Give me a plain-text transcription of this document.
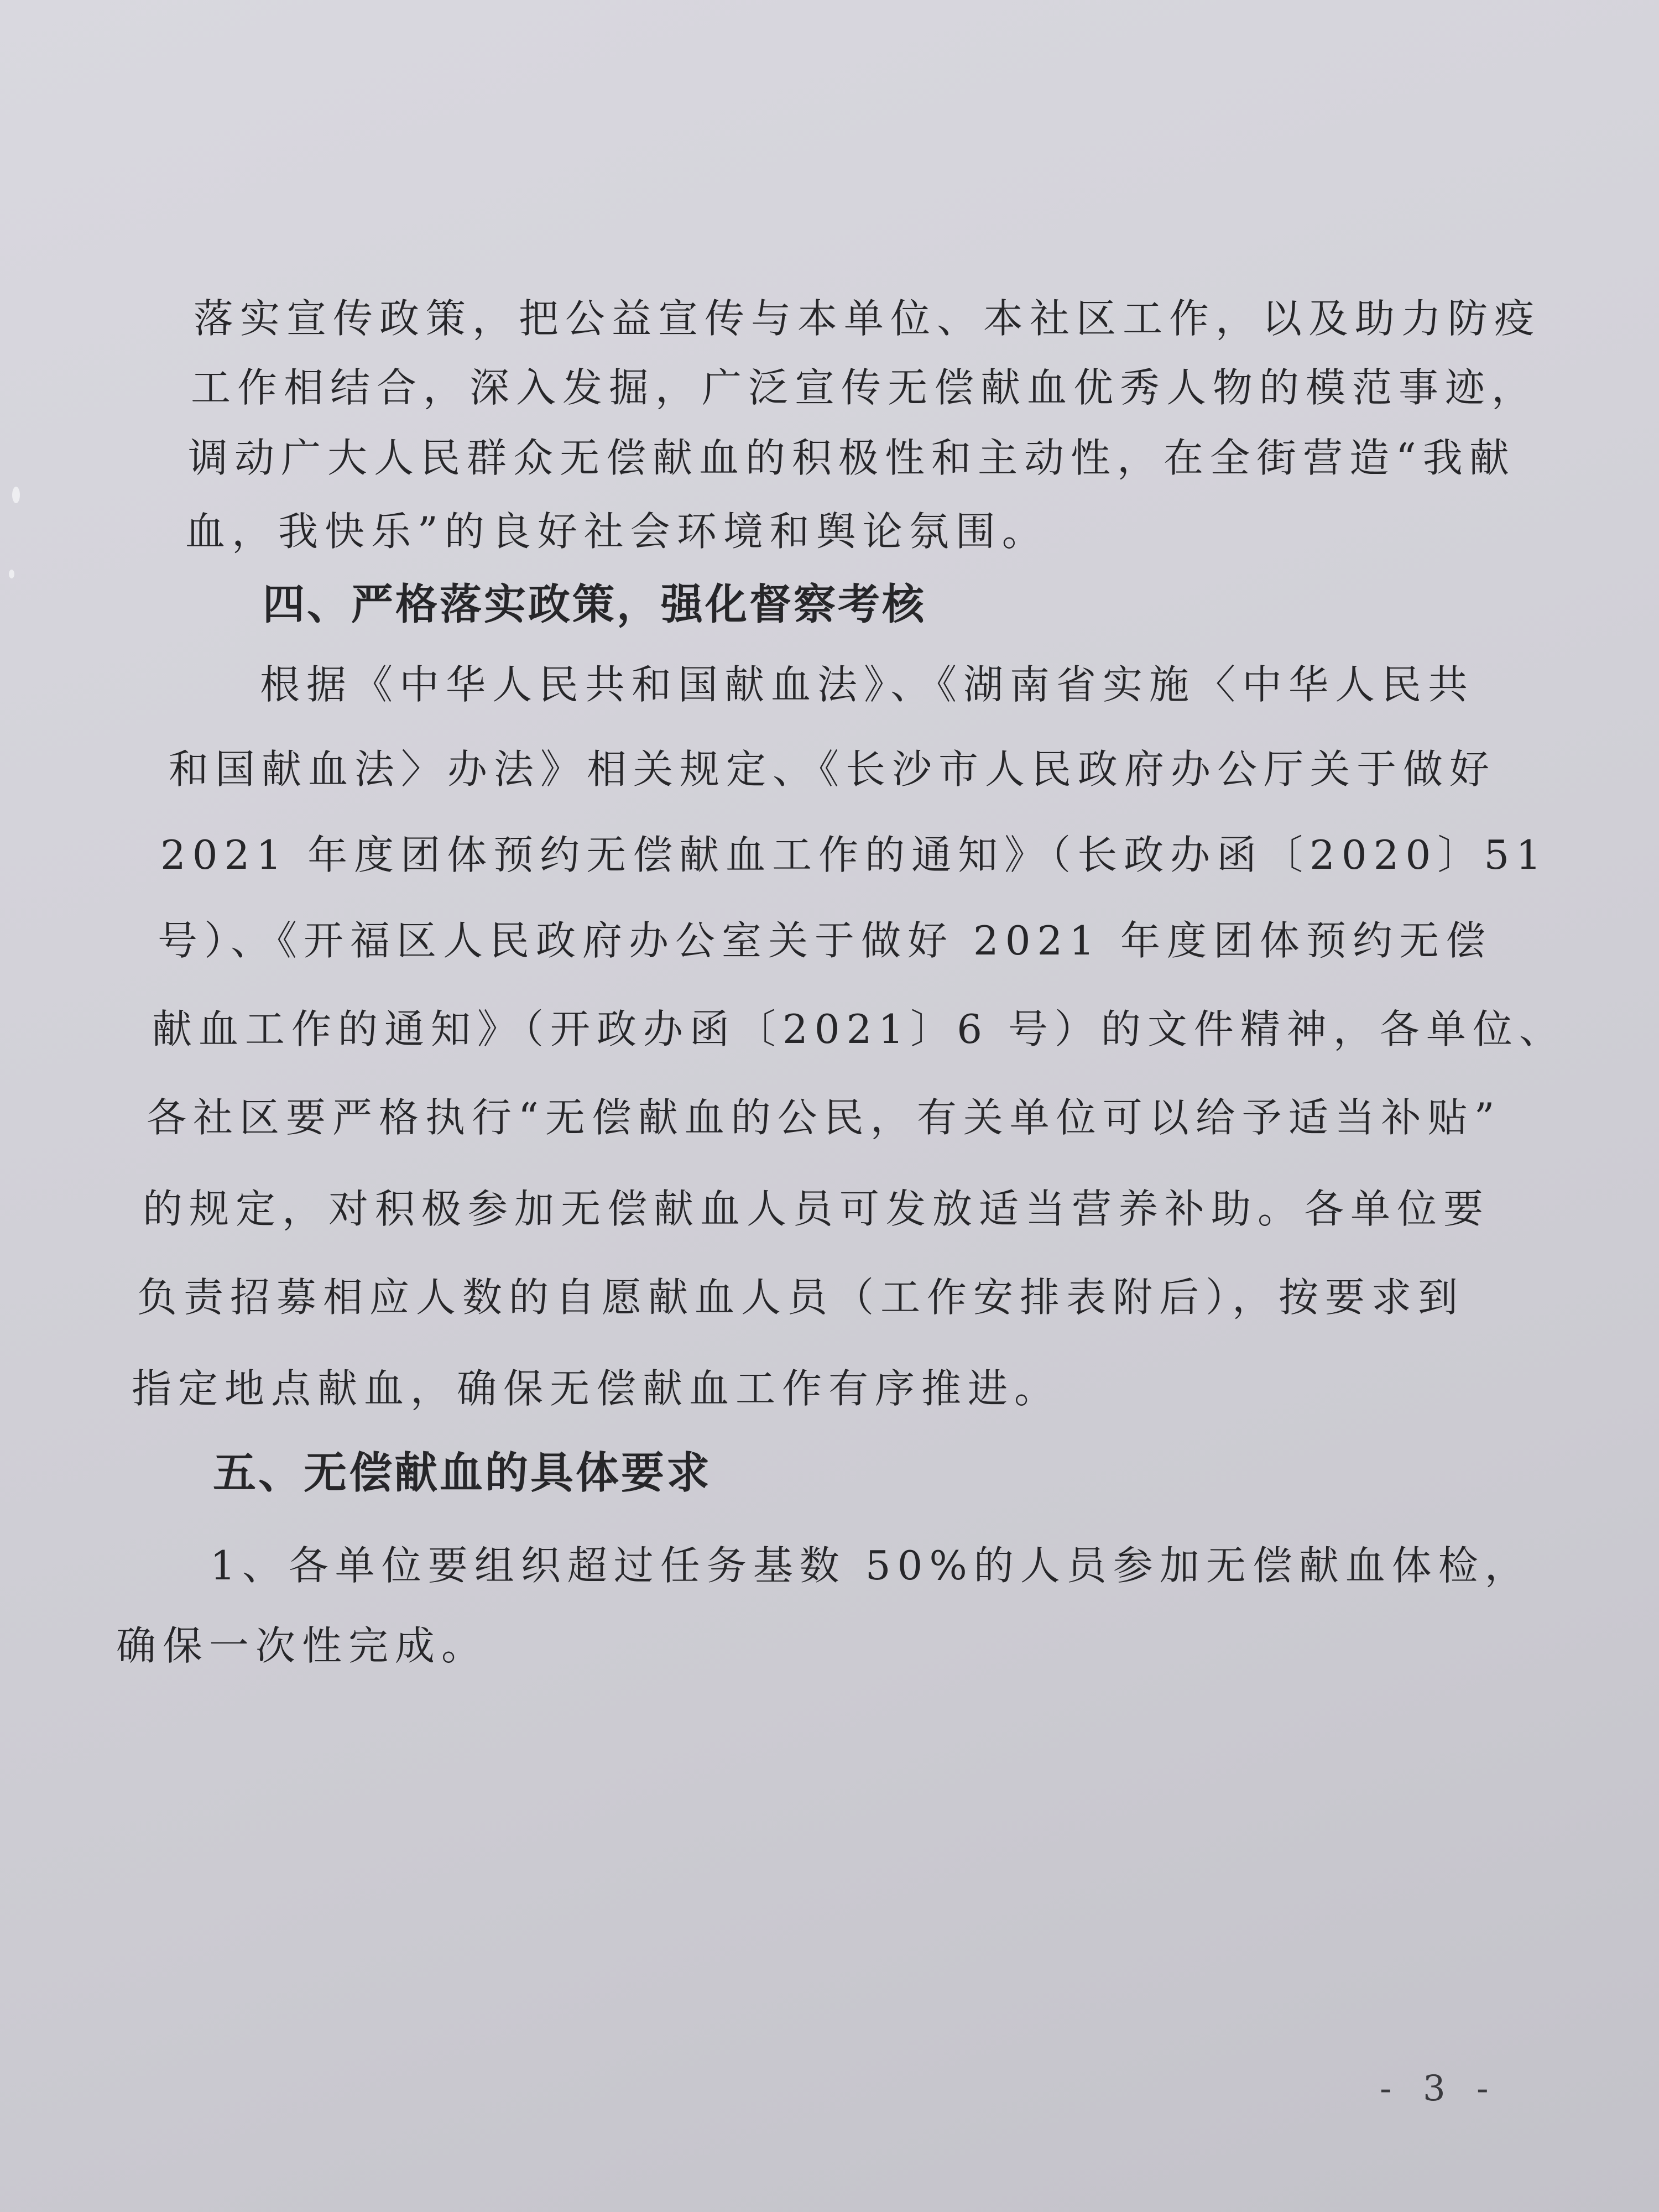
落实宣传政策，把公益宣传与本单位、本社区工作，以及助力防疫
工作相结合，深入发掘，广泛宣传无偿献血优秀人物的模范事迹，
调动广大人民群众无偿献血的积极性和主动性，在全街营造“我献
血，我快乐”的良好社会环境和舆论氛围。
四、严格落实政策，强化督察考核
根据《中华人民共和国献血法》、《湖南省实施〈中华人民共
和国献血法〉办法》相关规定、《长沙市人民政府办公厅关于做好
2021 年度团体预约无偿献血工作的通知》（长政办函〔2020〕51
号）、《开福区人民政府办公室关于做好 2021 年度团体预约无偿
献血工作的通知》（开政办函〔2021〕6 号）的文件精神，各单位、
各社区要严格执行“无偿献血的公民，有关单位可以给予适当补贴”
的规定，对积极参加无偿献血人员可发放适当营养补助。各单位要
负责招募相应人数的自愿献血人员（工作安排表附后），按要求到
指定地点献血，确保无偿献血工作有序推进。
五、无偿献血的具体要求
1、各单位要组织超过任务基数 50%的人员参加无偿献血体检，
确保一次性完成。
- 3 -
